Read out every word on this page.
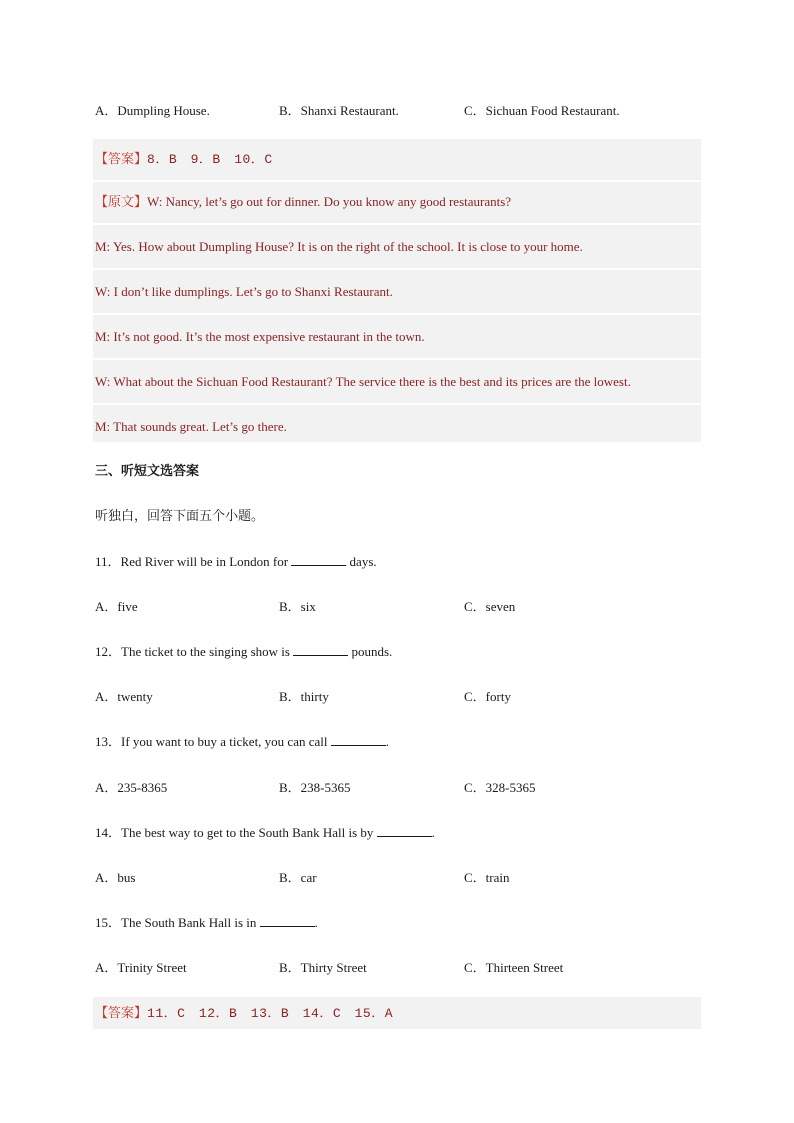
A．Dumpling House.	B．Shanxi Restaurant.	C．Sichuan Food Restaurant.
【答案】8．B　9．B　10．C
【原文】W: Nancy, let’s go out for dinner. Do you know any good restaurants?
M: Yes. How about Dumpling House? It is on the right of the school. It is close to your home.
W: I don’t like dumplings. Let’s go to Shanxi Restaurant.
M: It’s not good. It’s the most expensive restaurant in the town.
W: What about the Sichuan Food Restaurant? The service there is the best and its prices are the lowest.
M: That sounds great. Let’s go there.
三、听短文选答案
听独白，回答下面五个小题。
11．Red River will be in London for	days.
A．five	B．six	C．seven
12．The ticket to the singing show is	pounds.
A．twenty	B．thirty	C．forty
13．If you want to buy a ticket, you can call	.
A．235-8365	B．238-5365	C．328-5365
14．The best way to get to the South Bank Hall is by	.
A．bus	B．car	C．train
15．The South Bank Hall is in	.
A．Trinity Street	B．Thirty Street	C．Thirteen Street
【答案】11．C　12．B　13．B　14．C　15．A
